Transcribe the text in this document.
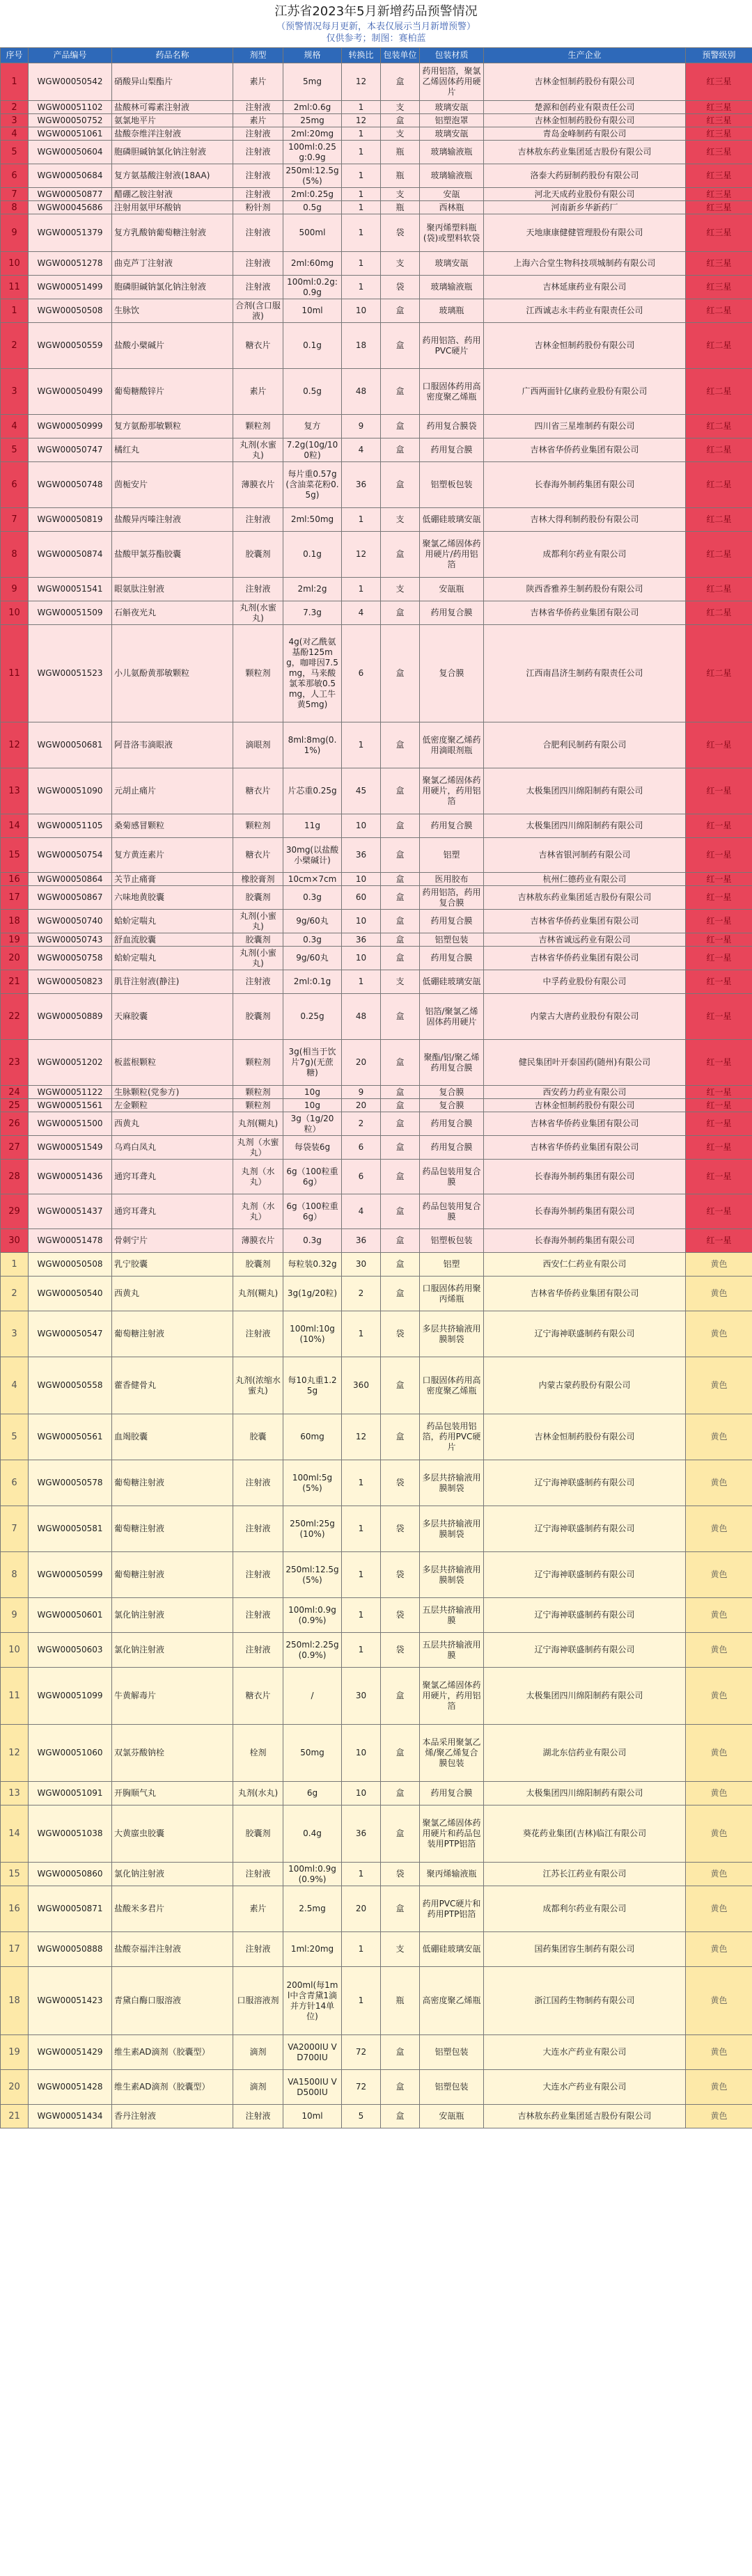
江苏省2023年5月新增药品预警情况
（预警情况每月更新，本表仅展示当月新增预警）
仅供参考；制图：赛柏蓝
序号	产品编号	药品名称	剂型	规格	转换比	包装单位	包装材质	生产企业	预警级别
1	WGW00050542	硝酸异山梨酯片	素片	5mg	12	盒	药用铝箔，聚氯乙烯固体药用硬片	吉林金恒制药股份有限公司	红三星
2	WGW00051102	盐酸林可霉素注射液	注射液	2ml:0.6g	1	支	玻璃安瓿	楚源和创药业有限责任公司	红三星
3	WGW00050752	氨氯地平片	素片	25mg	12	盒	铝塑泡罩	吉林金恒制药股份有限公司	红三星
4	WGW00051061	盐酸奈维洋注射液	注射液	2ml:20mg	1	支	玻璃安瓿	青岛金峰制药有限公司	红三星
5	WGW00050604	胞磷胆碱钠氯化钠注射液	注射液	100ml:0.25g:0.9g	1	瓶	玻璃输液瓶	吉林敖东药业集团延吉股份有限公司	红三星
6	WGW00050684	复方氨基酸注射液(18AA)	注射液	250ml:12.5g(5%)	1	瓶	玻璃输液瓶	洛泰大药厨制药股份有限公司	红三星
7	WGW00050877	醋硼乙胺注射液	注射液	2ml:0.25g	1	支	安瓿	河北天成药业股份有限公司	红三星
8	WGW00045686	注射用氨甲环酸钠	粉针剂	0.5g	1	瓶	西林瓶	河南新乡华新药厂	红三星
9	WGW00051379	复方乳酸钠葡萄糖注射液	注射液	500ml	1	袋	聚丙烯塑料瓶(袋)或塑料软袋	天地康康健健管理股份有限公司	红三星
10	WGW00051278	曲克芦丁注射液	注射液	2ml:60mg	1	支	玻璃安瓿	上海六合堂生物科技项城制药有限公司	红三星
11	WGW00051499	胞磷胆碱钠氯化钠注射液	注射液	100ml:0.2g:0.9g	1	袋	玻璃输液瓶	吉林延康药业有限公司	红三星
1	WGW00050508	生脉饮	合剂(含口服液)	10ml	10	盒	玻璃瓶	江西诚志永丰药业有限责任公司	红二星
2	WGW00050559	盐酸小檗碱片	糖衣片	0.1g	18	盒	药用铝箔、药用PVC硬片	吉林金恒制药股份有限公司	红二星
3	WGW00050499	葡萄糖酸锌片	素片	0.5g	48	盒	口服固体药用高密度聚乙烯瓶	广西两面针亿康药业股份有限公司	红二星
4	WGW00050999	复方氨酚那敏颗粒	颗粒剂	复方	9	盒	药用复合膜袋	四川省三星堆制药有限公司	红二星
5	WGW00050747	橘红丸	丸剂(水蜜丸)	7.2g(10g/100粒)	4	盒	药用复合膜	吉林省华侨药业集团有限公司	红二星
6	WGW00050748	茵栀安片	薄膜衣片	每片重0.57g(含油菜花粉0.5g)	36	盒	铝塑板包装	长春海外制药集团有限公司	红二星
7	WGW00050819	盐酸异丙嗪注射液	注射液	2ml:50mg	1	支	低硼硅玻璃安瓿	吉林大得利制药股份有限公司	红二星
8	WGW00050874	盐酸甲氯芬酯胶囊	胶囊剂	0.1g	12	盒	聚氯乙烯固体药用硬片/药用铝箔	成都利尔药业有限公司	红二星
9	WGW00051541	眼氨肽注射液	注射液	2ml:2g	1	支	安瓿瓶	陕西香雅养生制药股份有限公司	红二星
10	WGW00051509	石斛夜光丸	丸剂(水蜜丸)	7.3g	4	盒	药用复合膜	吉林省华侨药业集团有限公司	红二星
11	WGW00051523	小儿氨酚黄那敏颗粒	颗粒剂	4g(对乙酰氨基酚125mg，咖啡因7.5mg，马来酸氯苯那敏0.5mg，人工牛黄5mg)	6	盒	复合膜	江西南昌济生制药有限责任公司	红二星
12	WGW00050681	阿昔洛韦滴眼液	滴眼剂	8ml:8mg(0.1%)	1	盒	低密度聚乙烯药用滴眼剂瓶	合肥利民制药有限公司	红一星
13	WGW00051090	元胡止痛片	糖衣片	片芯重0.25g	45	盒	聚氯乙烯固体药用硬片，药用铝箔	太极集团四川绵阳制药有限公司	红一星
14	WGW00051105	桑菊感冒颗粒	颗粒剂	11g	10	盒	药用复合膜	太极集团四川绵阳制药有限公司	红一星
15	WGW00050754	复方黄连素片	糖衣片	30mg(以盐酸小檗碱计)	36	盒	铝塑	吉林省银河制药有限公司	红一星
16	WGW00050864	关节止痛膏	橡胶膏剂	10cm×7cm	10	盒	医用胶布	杭州仁德药业有限公司	红一星
17	WGW00050867	六味地黄胶囊	胶囊剂	0.3g	60	盒	药用铝箔，药用复合膜	吉林敖东药业集团延吉股份有限公司	红一星
18	WGW00050740	蛤蚧定喘丸	丸剂(小蜜丸)	9g/60丸	10	盒	药用复合膜	吉林省华侨药业集团有限公司	红一星
19	WGW00050743	舒血流胶囊	胶囊剂	0.3g	36	盒	铝塑包装	吉林省诚远药业有限公司	红一星
20	WGW00050758	蛤蚧定喘丸	丸剂(小蜜丸)	9g/60丸	10	盒	药用复合膜	吉林省华侨药业集团有限公司	红一星
21	WGW00050823	肌苷注射液(静注)	注射液	2ml:0.1g	1	支	低硼硅玻璃安瓿	中孚药业股份有限公司	红一星
22	WGW00050889	天麻胶囊	胶囊剂	0.25g	48	盒	铝箔/聚氯乙烯固体药用硬片	内蒙古大唐药业股份有限公司	红一星
23	WGW00051202	板蓝根颗粒	颗粒剂	3g(相当于饮片7g)(无蔗糖)	20	盒	聚酯/铝/聚乙烯药用复合膜	健民集团叶开泰国药(随州)有限公司	红一星
24	WGW00051122	生脉颗粒(党参方)	颗粒剂	10g	9	盒	复合膜	西安药力药业有限公司	红一星
25	WGW00051561	左金颗粒	颗粒剂	10g	20	盒	复合膜	吉林金恒制药股份有限公司	红一星
26	WGW00051500	西黄丸	丸剂(糊丸)	3g（1g/20粒）	2	盒	药用复合膜	吉林省华侨药业集团有限公司	红一星
27	WGW00051549	乌鸡白凤丸	丸剂（水蜜丸）	每袋装6g	6	盒	药用复合膜	吉林省华侨药业集团有限公司	红一星
28	WGW00051436	通窍耳聋丸	丸剂（水丸）	6g（100粒重6g）	6	盒	药品包装用复合膜	长春海外制药集团有限公司	红一星
29	WGW00051437	通窍耳聋丸	丸剂（水丸）	6g（100粒重6g）	4	盒	药品包装用复合膜	长春海外制药集团有限公司	红一星
30	WGW00051478	骨刺宁片	薄膜衣片	0.3g	36	盒	铝塑板包装	长春海外制药集团有限公司	红一星
1	WGW00050508	乳宁胶囊	胶囊剂	每粒装0.32g	30	盒	铝塑	西安仁仁药业有限公司	黄色
2	WGW00050540	西黄丸	丸剂(糊丸)	3g(1g/20粒)	2	盒	口服固体药用聚丙烯瓶	吉林省华侨药业集团有限公司	黄色
3	WGW00050547	葡萄糖注射液	注射液	100ml:10g(10%)	1	袋	多层共挤输液用膜制袋	辽宁海神联盛制药有限公司	黄色
4	WGW00050558	藿香健骨丸	丸剂(浓缩水蜜丸)	每10丸重1.25g	360	盒	口服固体药用高密度聚乙烯瓶	内蒙古蒙药股份有限公司	黄色
5	WGW00050561	血竭胶囊	胶囊	60mg	12	盒	药品包装用铝箔，药用PVC硬片	吉林金恒制药股份有限公司	黄色
6	WGW00050578	葡萄糖注射液	注射液	100ml:5g(5%)	1	袋	多层共挤输液用膜制袋	辽宁海神联盛制药有限公司	黄色
7	WGW00050581	葡萄糖注射液	注射液	250ml:25g(10%)	1	袋	多层共挤输液用膜制袋	辽宁海神联盛制药有限公司	黄色
8	WGW00050599	葡萄糖注射液	注射液	250ml:12.5g(5%)	1	袋	多层共挤输液用膜制袋	辽宁海神联盛制药有限公司	黄色
9	WGW00050601	氯化钠注射液	注射液	100ml:0.9g(0.9%)	1	袋	五层共挤输液用膜	辽宁海神联盛制药有限公司	黄色
10	WGW00050603	氯化钠注射液	注射液	250ml:2.25g(0.9%)	1	袋	五层共挤输液用膜	辽宁海神联盛制药有限公司	黄色
11	WGW00051099	牛黄解毒片	糖衣片	/	30	盒	聚氯乙烯固体药用硬片，药用铝箔	太极集团四川绵阳制药有限公司	黄色
12	WGW00051060	双氯芬酸钠栓	栓剂	50mg	10	盒	本品采用聚氯乙烯/聚乙烯复合膜包装	湖北东信药业有限公司	黄色
13	WGW00051091	开胸顺气丸	丸剂(水丸)	6g	10	盒	药用复合膜	太极集团四川绵阳制药有限公司	黄色
14	WGW00051038	大黄䗪虫胶囊	胶囊剂	0.4g	36	盒	聚氯乙烯固体药用硬片和药品包装用PTP铝箔	葵花药业集团(吉林)临江有限公司	黄色
15	WGW00050860	氯化钠注射液	注射液	100ml:0.9g(0.9%)	1	袋	聚丙烯输液瓶	江苏长江药业有限公司	黄色
16	WGW00050871	盐酸米多君片	素片	2.5mg	20	盒	药用PVC硬片和药用PTP铝箔	成都利尔药业有限公司	黄色
17	WGW00050888	盐酸奈福泮注射液	注射液	1ml:20mg	1	支	低硼硅玻璃安瓿	国药集团容生制药有限公司	黄色
18	WGW00051423	青黛白酶口服溶液	口服溶液剂	200ml(每1ml中含青黛1滴并方针14单位)	1	瓶	高密度聚乙烯瓶	浙江国药生物制药有限公司	黄色
19	WGW00051429	维生素AD滴剂（胶囊型）	滴剂	VA2000IU VD700IU	72	盒	铝塑包装	大连水产药业有限公司	黄色
20	WGW00051428	维生素AD滴剂（胶囊型）	滴剂	VA1500IU VD500IU	72	盒	铝塑包装	大连水产药业有限公司	黄色
21	WGW00051434	香丹注射液	注射液	10ml	5	盒	安瓿瓶	吉林敖东药业集团延吉股份有限公司	黄色
